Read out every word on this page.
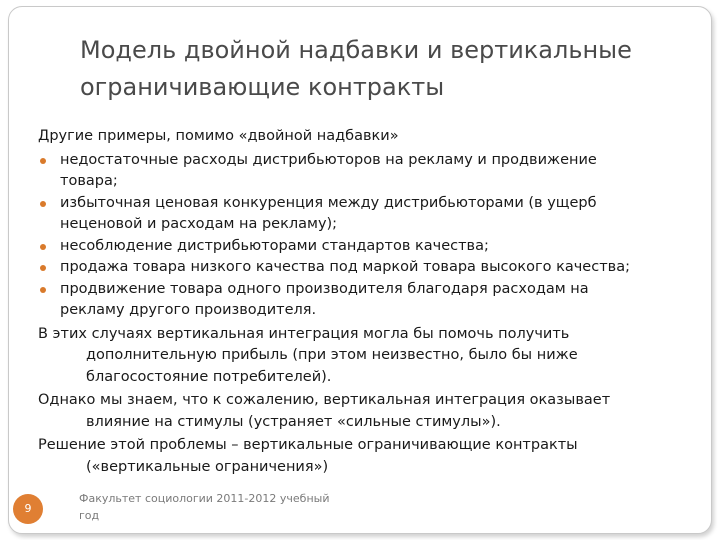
Модель двойной надбавки и вертикальные
ограничивающие контракты
Другие примеры, помимо «двойной надбавки»
недостаточные расходы дистрибьюторов на рекламу и продвижение
товара;
избыточная ценовая конкуренция между дистрибьюторами (в ущерб
неценовой и расходам на рекламу);
несоблюдение дистрибьюторами стандартов качества;
продажа товара низкого качества под маркой товара высокого качества;
продвижение товара одного производителя благодаря расходам на
рекламу другого производителя.
В этих случаях вертикальная интеграция могла бы помочь получить
дополнительную прибыль (при этом неизвестно, было бы ниже
благосостояние потребителей).
Однако мы знаем, что к сожалению, вертикальная интеграция оказывает
влияние на стимулы (устраняет «сильные стимулы»).
Решение этой проблемы – вертикальные ограничивающие контракты
(«вертикальные ограничения»)
9
Факультет социологии 2011-2012 учебный
год
